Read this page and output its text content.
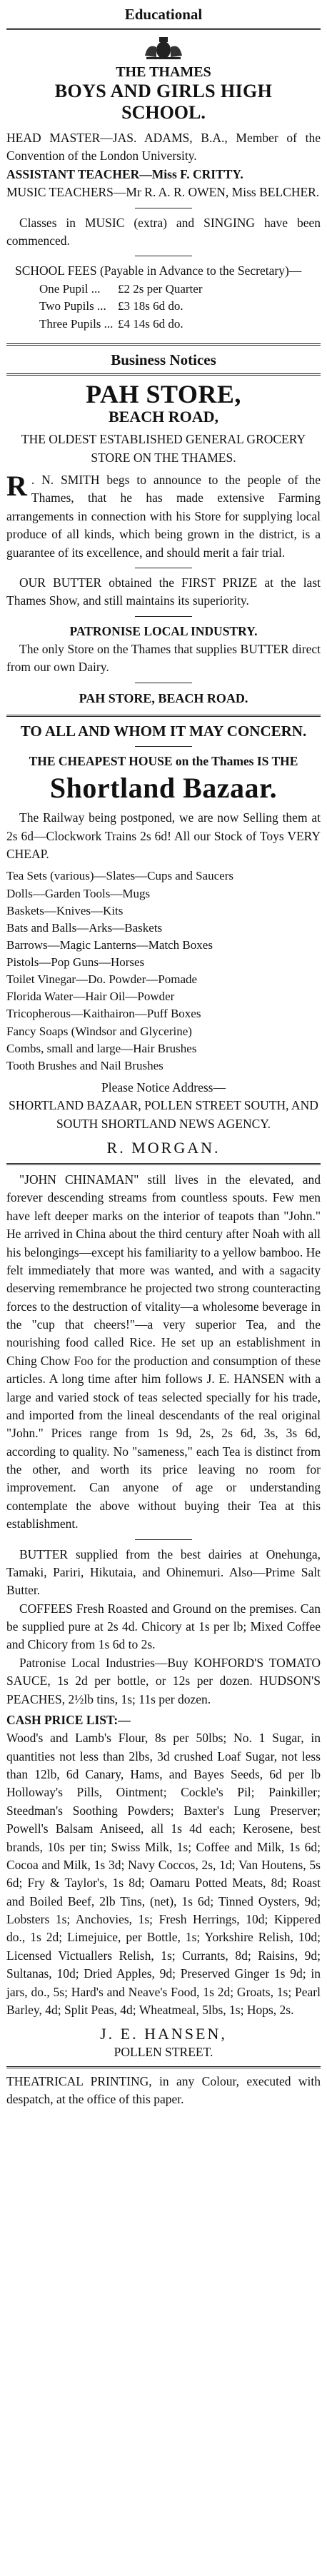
Educational
THE THAMES
BOYS AND GIRLS HIGH
SCHOOL.

HEAD MASTER—JAS. ADAMS, B.A., Member of the Convention of the London University.

ASSISTANT TEACHER—Miss F. CRITTY.

MUSIC TEACHERS—Mr R. A. R. OWEN, Miss BELCHER.

Classes in MUSIC (extra) and SINGING have been commenced.

SCHOOL FEES (Payable in Advance to the Secretary)—

One Pupil ... £2 2s per Quarter
Two Pupils ... £3 18s 6d do.
Three Pupils ... £4 14s 6d do.
Business Notices
PAH STORE,
BEACH ROAD,

THE OLDEST ESTABLISHED GENERAL GROCERY STORE ON THE THAMES.

R . N. SMITH begs to announce to the people of the Thames, that he has made extensive Farming arrangements in connection with his Store for supplying local produce of all kinds, which being grown in the district, is a guarantee of its excellence, and should merit a fair trial.

OUR BUTTER obtained the FIRST PRIZE at the last Thames Show, and still maintains its superiority.

PATRONISE LOCAL INDUSTRY.

The only Store on the Thames that supplies BUTTER direct from our own Dairy.

PAH STORE, BEACH ROAD.

TO ALL AND WHOM IT MAY CONCERN.

THE CHEAPEST HOUSE on the Thames IS THE

Shortland Bazaar.

The Railway being postponed, we are now Selling them at 2s 6d—Clockwork Trains 2s 6d! All our Stock of Toys VERY CHEAP.

Tea Sets (various)—Slates—Cups and Saucers
Dolls—Garden Tools—Mugs
Baskets—Knives—Kits
Bats and Balls—Arks—Baskets
Barrows—Magic Lanterns—Match Boxes
Pistols—Pop Guns—Horses
Toilet Vinegar—Do. Powder—Pomade
Florida Water—Hair Oil—Powder
Tricopherous—Kaithairon—Puff Boxes
Fancy Soaps (Windsor and Glycerine)
Combs, small and large—Hair Brushes
Tooth Brushes and Nail Brushes

Please Notice Address—

SHORTLAND BAZAAR, POLLEN STREET SOUTH, AND

SOUTH SHORTLAND NEWS AGENCY.

R. MORGAN.

"JOHN CHINAMAN" still lives in the elevated, and forever descending streams from countless spouts. Few men have left deeper marks on the interior of teapots than "John." He arrived in China about the third century after Noah with all his belongings—except his familiarity to a yellow bamboo. He felt immediately that more was wanted, and with a sagacity deserving remembrance he projected two strong counteracting forces to the destruction of vitality—a wholesome beverage in the "cup that cheers!"—a very superior Tea, and the nourishing food called Rice. He set up an establishment in Ching Chow Foo for the production and consumption of these articles. A long time after him follows J. E. HANSEN with a large and varied stock of teas selected specially for his trade, and imported from the lineal descendants of the real original "John." Prices range from 1s 9d, 2s, 2s 6d, 3s, 3s 6d, according to quality. No "sameness," each Tea is distinct from the other, and worth its price leaving no room for improvement. Can anyone of age or understanding contemplate the above without buying their Tea at this establishment.

BUTTER supplied from the best dairies at Onehunga, Tamaki, Pariri, Hikutaia, and Ohinemuri. Also—Prime Salt Butter.

COFFEES Fresh Roasted and Ground on the premises. Can be supplied pure at 2s 4d. Chicory at 1s per lb; Mixed Coffee and Chicory from 1s 6d to 2s.

Patronise Local Industries—Buy KOHFORD'S TOMATO SAUCE, 1s 2d per bottle, or 12s per dozen. HUDSON'S PEACHES, 2½lb tins, 1s; 11s per dozen.

CASH PRICE LIST:—

Wood's and Lamb's Flour, 8s per 50lbs; No. 1 Sugar, in quantities not less than 2lbs, 3d crushed Loaf Sugar, not less than 12lb, 6d Canary, Hams, and Bayes Seeds, 6d per lb Holloway's Pills, Ointment; Cockle's Pil; Painkiller; Steedman's Soothing Powders; Baxter's Lung Preserver; Powell's Balsam Aniseed, all 1s 4d each; Kerosene, best brands, 10s per tin; Swiss Milk, 1s; Coffee and Milk, 1s 6d; Cocoa and Milk, 1s 3d; Navy Coccos, 2s, 1d; Van Houtens, 5s 6d; Fry & Taylor's, 1s 8d; Oamaru Potted Meats, 8d; Roast and Boiled Beef, 2lb Tins, (net), 1s 6d; Tinned Oysters, 9d; Lobsters 1s; Anchovies, 1s; Fresh Herrings, 10d; Kippered do., 1s 2d; Limejuice, per Bottle, 1s; Yorkshire Relish, 10d; Licensed Victuallers Relish, 1s; Currants, 8d; Raisins, 9d; Sultanas, 10d; Dried Apples, 9d; Preserved Ginger 1s 9d; in jars, do., 5s; Hard's and Neave's Food, 1s 2d; Groats, 1s; Pearl Barley, 4d; Split Peas, 4d; Wheatmeal, 5lbs, 1s; Hops, 2s.

J. E. HANSEN,

POLLEN STREET.

THEATRICAL PRINTING, in any Colour, executed with despatch, at the office of this paper.
